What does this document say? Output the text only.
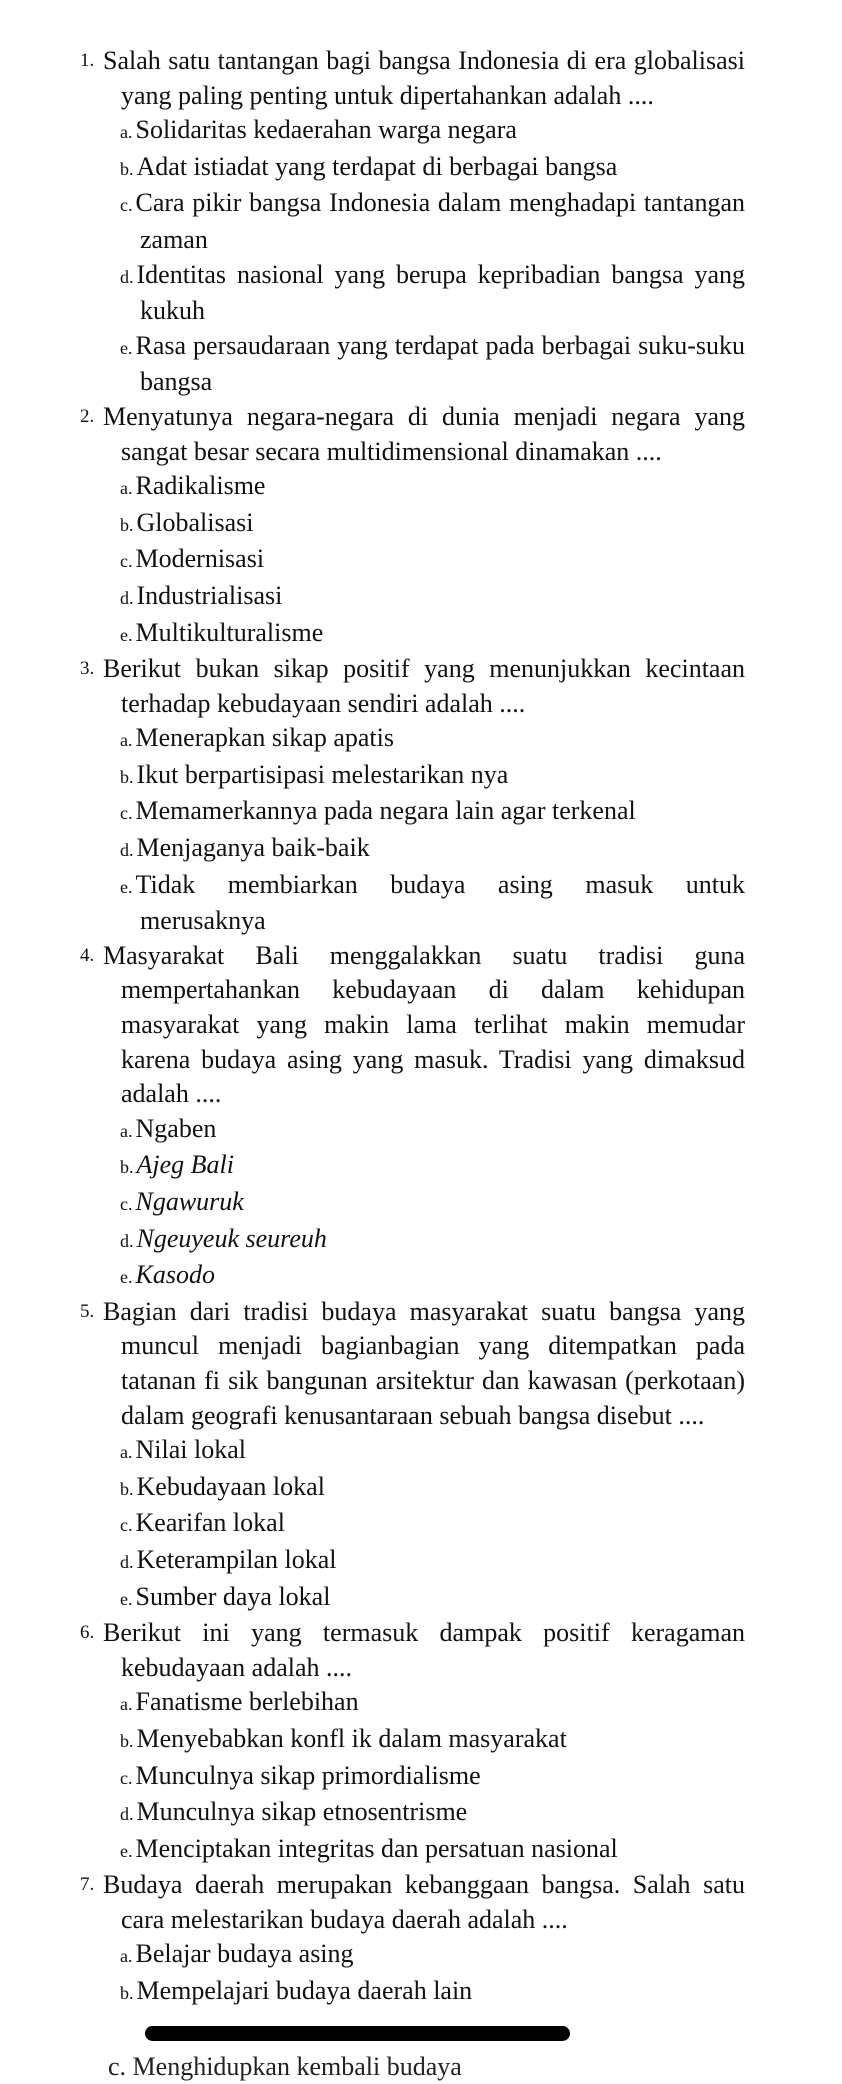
1. Salah satu tantangan bagi bangsa Indonesia di era globalisasi yang paling penting untuk dipertahankan adalah ....
a. Solidaritas kedaerahan warga negara
b. Adat istiadat yang terdapat di berbagai bangsa
c. Cara pikir bangsa Indonesia dalam menghadapi tantangan zaman
d. Identitas nasional yang berupa kepribadian bangsa yang kukuh
e. Rasa persaudaraan yang terdapat pada berbagai suku-suku bangsa
2. Menyatunya negara-negara di dunia menjadi negara yang sangat besar secara multidimensional dinamakan ....
a. Radikalisme
b. Globalisasi
c. Modernisasi
d. Industrialisasi
e. Multikulturalisme
3. Berikut bukan sikap positif yang menunjukkan kecintaan terhadap kebudayaan sendiri adalah ....
a. Menerapkan sikap apatis
b. Ikut berpartisipasi melestarikan nya
c. Memamerkannya pada negara lain agar terkenal
d. Menjaganya baik-baik
e. Tidak membiarkan budaya asing masuk untuk merusaknya
4. Masyarakat Bali menggalakkan suatu tradisi guna mempertahankan kebudayaan di dalam kehidupan masyarakat yang makin lama terlihat makin memudar karena budaya asing yang masuk. Tradisi yang dimaksud adalah ....
a. Ngaben
b. Ajeg Bali
c. Ngawuruk
d. Ngeuyeuk seureuh
e. Kasodo
5. Bagian dari tradisi budaya masyarakat suatu bangsa yang muncul menjadi bagianbagian yang ditempatkan pada tatanan fi sik bangunan arsitektur dan kawasan (perkotaan) dalam geografi kenusantaraan sebuah bangsa disebut ....
a. Nilai lokal
b. Kebudayaan lokal
c. Kearifan lokal
d. Keterampilan lokal
e. Sumber daya lokal
6. Berikut ini yang termasuk dampak positif keragaman kebudayaan adalah ....
a. Fanatisme berlebihan
b. Menyebabkan konfl ik dalam masyarakat
c. Munculnya sikap primordialisme
d. Munculnya sikap etnosentrisme
e. Menciptakan integritas dan persatuan nasional
7. Budaya daerah merupakan kebanggaan bangsa. Salah satu cara melestarikan budaya daerah adalah ....
a. Belajar budaya asing
b. Mempelajari budaya daerah lain
c. Menghidupkan kembali budaya
